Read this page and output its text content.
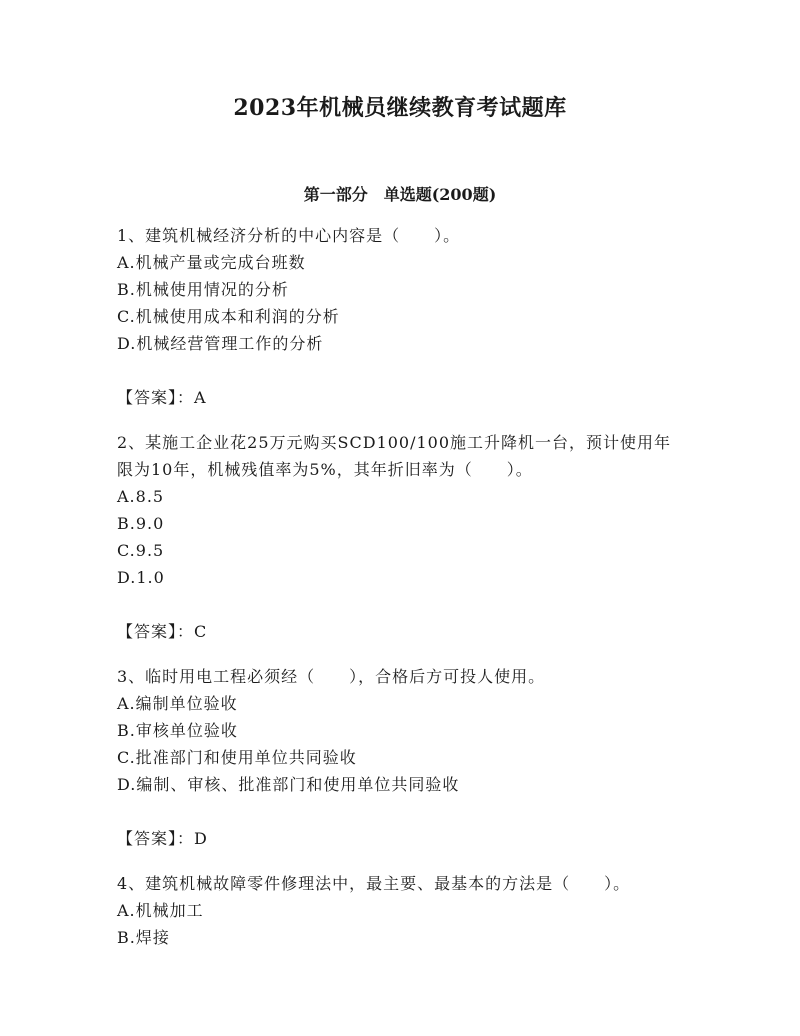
2023年机械员继续教育考试题库
第一部分　单选题(200题)

1、建筑机械经济分析的中心内容是（　　）。

A.机械产量或完成台班数

B.机械使用情况的分析

C.机械使用成本和利润的分析

D.机械经营管理工作的分析

【答案】：A

2、某施工企业花25万元购买SCD100/100施工升降机一台，预计使用年限为10年，机械残值率为5%，其年折旧率为（　　）。

A.8.5

B.9.0

C.9.5

D.1.0

【答案】：C

3、临时用电工程必须经（　　），合格后方可投人使用。

A.编制单位验收

B.审核单位验收

C.批准部门和使用单位共同验收

D.编制、审核、批准部门和使用单位共同验收

【答案】：D

4、建筑机械故障零件修理法中，最主要、最基本的方法是（　　）。

A.机械加工

B.焊接
